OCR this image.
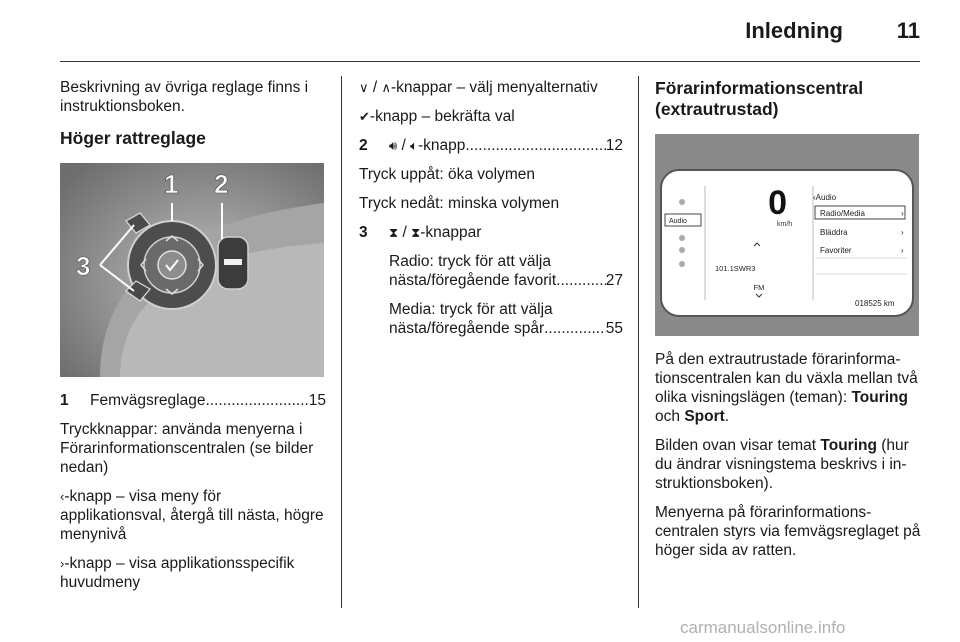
Inledning 11

Beskrivning av övriga reglage finns i instruktionsboken.

Höger rattreglage
1 2
3
1 Femvägsreglage .....	15

Tryckknappar: använda menyerna i Förarinformationscentralen (se bilder nedan)

‹-knapp – visa meny för applikationsval, återgå till nästa, högre menynivå

›-knapp – visa applikationsspecifik huvudmeny

∨ / ∧-knappar – välj menyalternativ

✔-knapp – bekräfta val

2 🔊︎ / 🔈︎-knapp .....	12

Tryck uppåt: öka volymen

Tryck nedåt: minska volymen

3 ⧗ / ⧗-knappar
Radio: tryck för att välja
nästa/föregående favorit .....	27
Media: tryck för att välja
nästa/föregående spår .....	55
Förarinformationscentral (extrautrustad)
0
km/h
‹Audio
Radio/Media	›
Bläddra	›
Favoriter	›
Audio
101.1SWR3
FM
018525 km

På den extrautrustade förarinformationscentralen kan du växla mellan två olika visningslägen (teman): Touring och Sport.

Bilden ovan visar temat Touring (hur du ändrar visningstema beskrivs i instruktionsboken).

Menyerna på förarinformationscentralen styrs via femvägsreglaget på höger sida av ratten.

carmanualsonline.info
